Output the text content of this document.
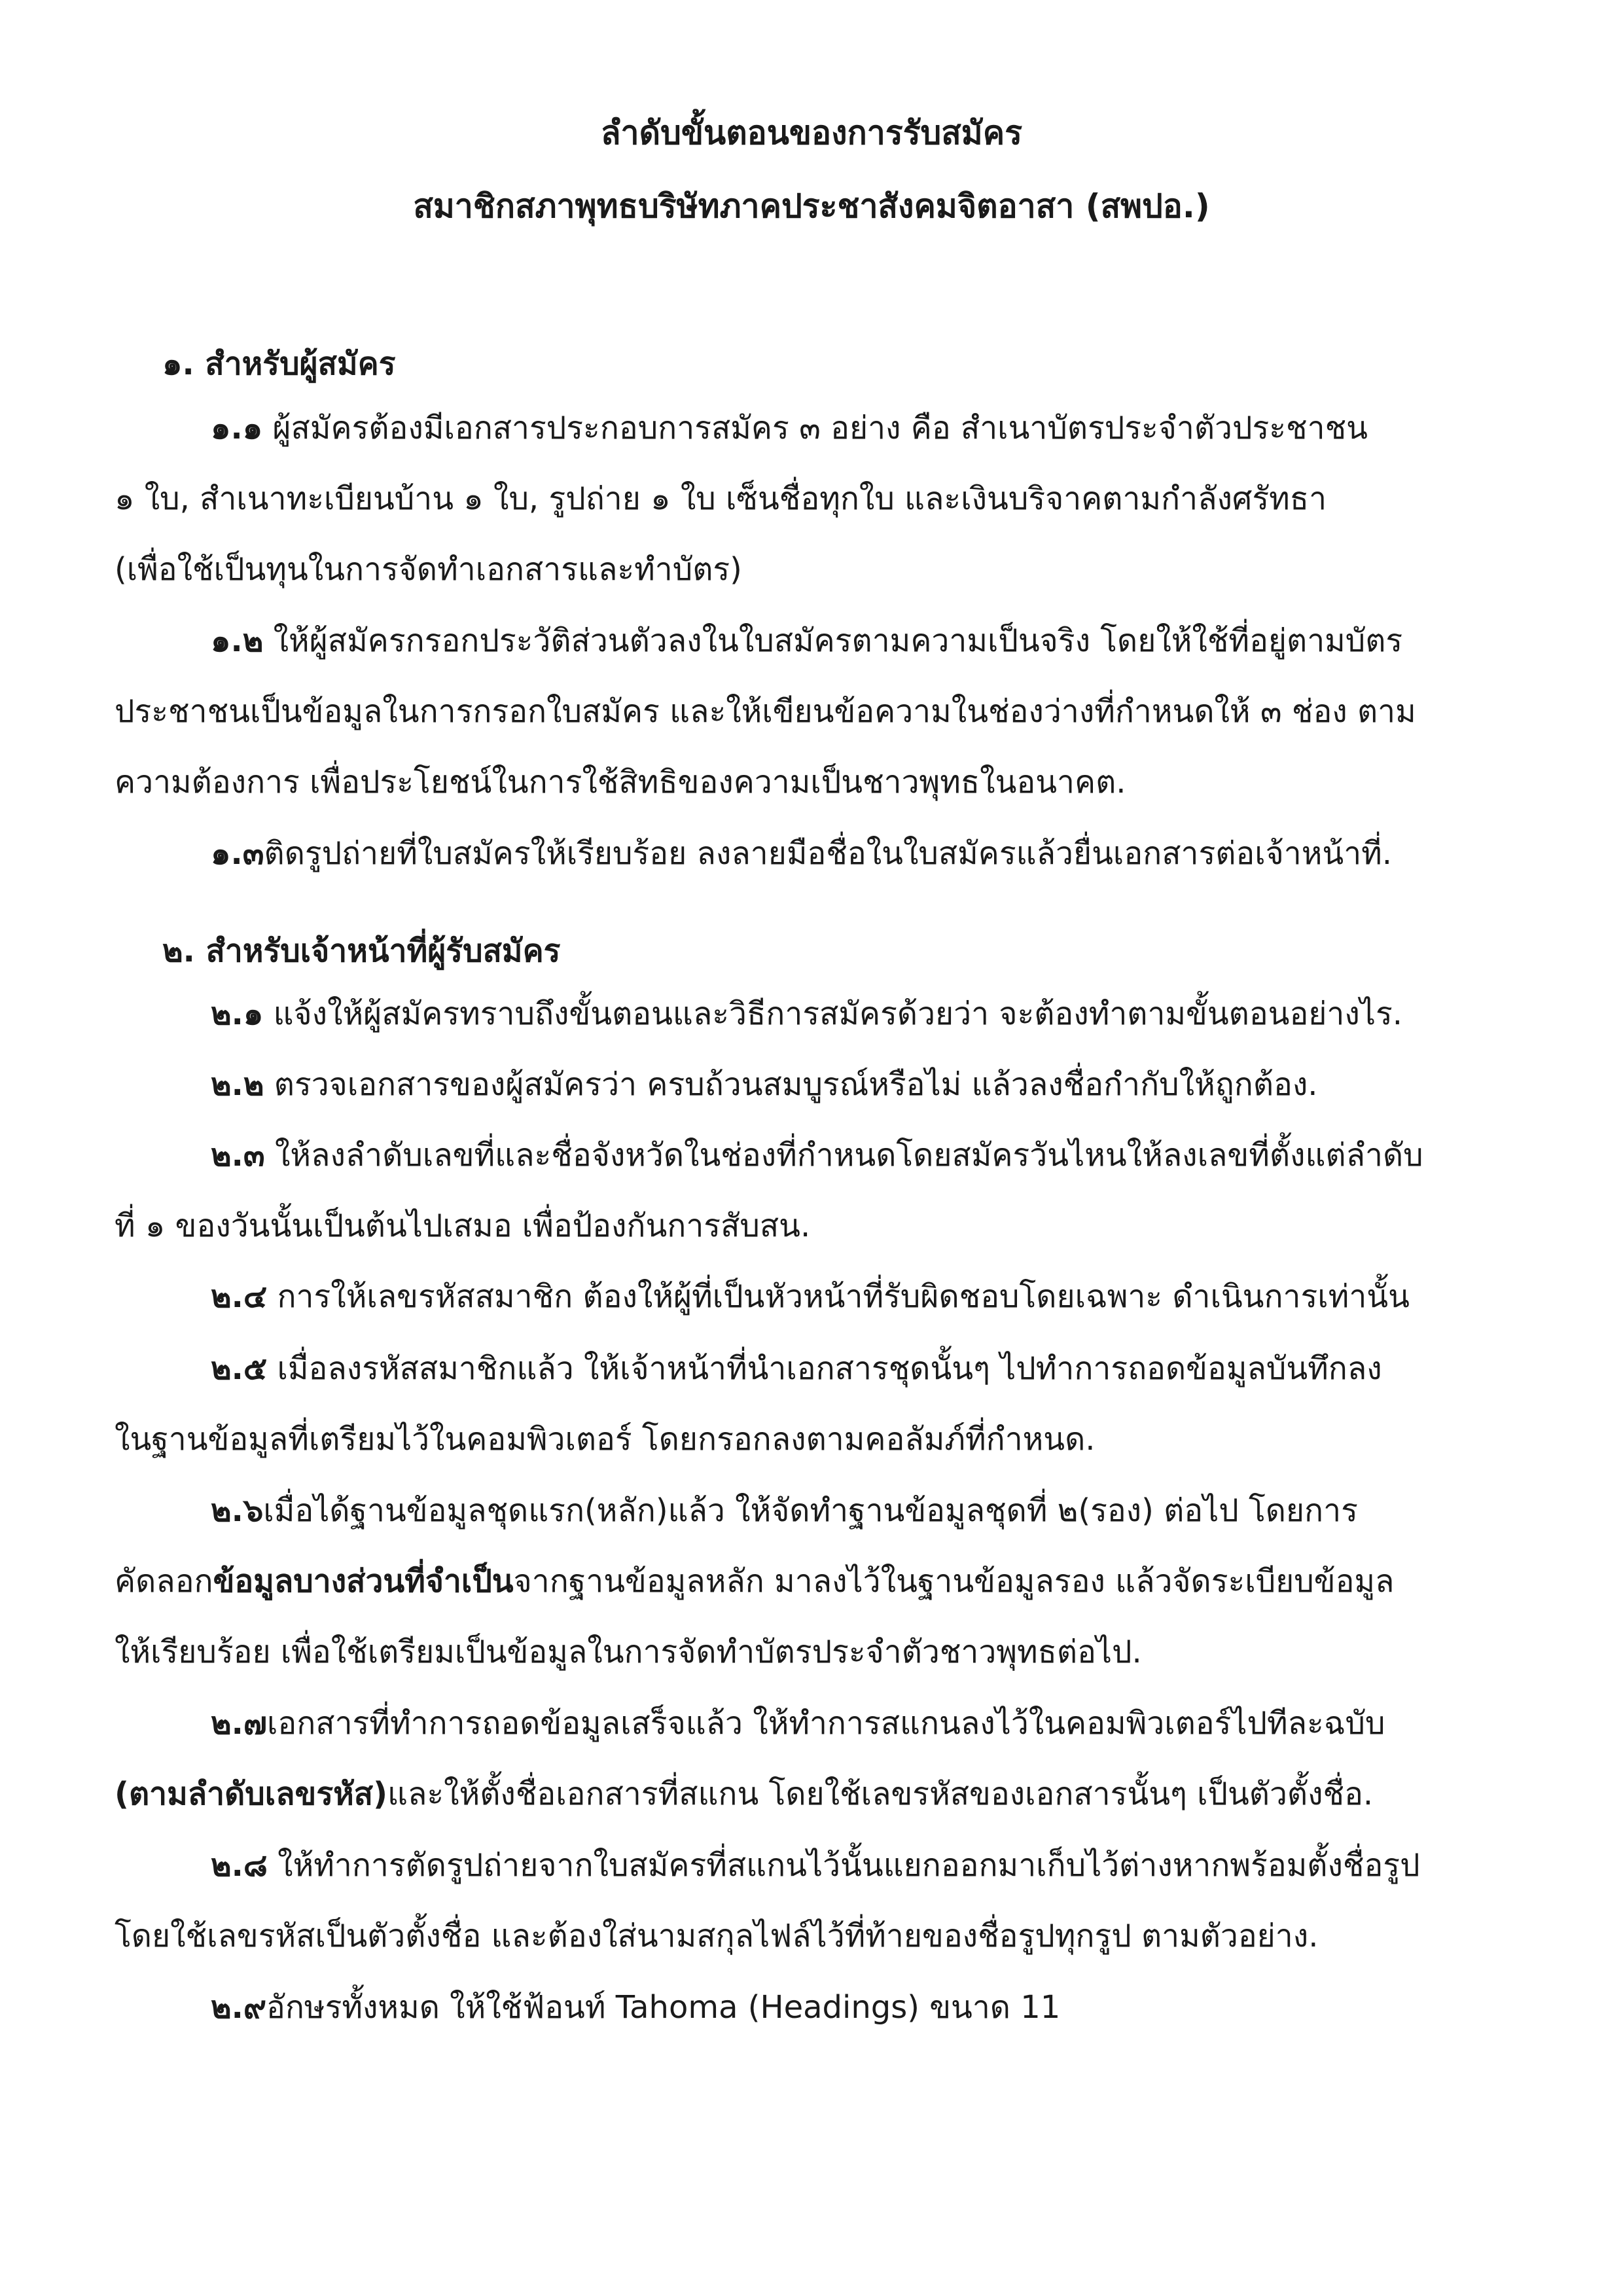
ลำดับขั้นตอนของการรับสมัคร
สมาชิกสภาพุทธบริษัทภาคประชาสังคมจิตอาสา (สพปอ.)
๑. สำหรับผู้สมัคร
๑.๑ ผู้สมัครต้องมีเอกสารประกอบการสมัคร ๓ อย่าง คือ สำเนาบัตรประจำตัวประชาชน
๑ ใบ, สำเนาทะเบียนบ้าน ๑ ใบ, รูปถ่าย ๑ ใบ เซ็นชื่อทุกใบ และเงินบริจาคตามกำลังศรัทธา
(เพื่อใช้เป็นทุนในการจัดทำเอกสารและทำบัตร)
๑.๒ ให้ผู้สมัครกรอกประวัติส่วนตัวลงในใบสมัครตามความเป็นจริง โดยให้ใช้ที่อยู่ตามบัตร
ประชาชนเป็นข้อมูลในการกรอกใบสมัคร และให้เขียนข้อความในช่องว่างที่กำหนดให้ ๓ ช่อง ตาม
ความต้องการ เพื่อประโยชน์ในการใช้สิทธิของความเป็นชาวพุทธในอนาคต.
๑.๓ติดรูปถ่ายที่ใบสมัครให้เรียบร้อย ลงลายมือชื่อในใบสมัครแล้วยื่นเอกสารต่อเจ้าหน้าที่.
๒. สำหรับเจ้าหน้าที่ผู้รับสมัคร
๒.๑ แจ้งให้ผู้สมัครทราบถึงขั้นตอนและวิธีการสมัครด้วยว่า จะต้องทำตามขั้นตอนอย่างไร.
๒.๒ ตรวจเอกสารของผู้สมัครว่า ครบถ้วนสมบูรณ์หรือไม่ แล้วลงชื่อกำกับให้ถูกต้อง.
๒.๓ ให้ลงลำดับเลขที่และชื่อจังหวัดในช่องที่กำหนดโดยสมัครวันไหนให้ลงเลขที่ตั้งแต่ลำดับ
ที่ ๑ ของวันนั้นเป็นต้นไปเสมอ เพื่อป้องกันการสับสน.
๒.๔ การให้เลขรหัสสมาชิก ต้องให้ผู้ที่เป็นหัวหน้าที่รับผิดชอบโดยเฉพาะ ดำเนินการเท่านั้น
๒.๕ เมื่อลงรหัสสมาชิกแล้ว ให้เจ้าหน้าที่นำเอกสารชุดนั้นๆ ไปทำการถอดข้อมูลบันทึกลง
ในฐานข้อมูลที่เตรียมไว้ในคอมพิวเตอร์ โดยกรอกลงตามคอลัมภ์ที่กำหนด.
๒.๖เมื่อได้ฐานข้อมูลชุดแรก(หลัก)แล้ว ให้จัดทำฐานข้อมูลชุดที่ ๒(รอง) ต่อไป โดยการ
คัดลอกข้อมูลบางส่วนที่จำเป็นจากฐานข้อมูลหลัก มาลงไว้ในฐานข้อมูลรอง แล้วจัดระเบียบข้อมูล
ให้เรียบร้อย เพื่อใช้เตรียมเป็นข้อมูลในการจัดทำบัตรประจำตัวชาวพุทธต่อไป.
๒.๗เอกสารที่ทำการถอดข้อมูลเสร็จแล้ว ให้ทำการสแกนลงไว้ในคอมพิวเตอร์ไปทีละฉบับ
(ตามลำดับเลขรหัส)และให้ตั้งชื่อเอกสารที่สแกน โดยใช้เลขรหัสของเอกสารนั้นๆ เป็นตัวตั้งชื่อ.
๒.๘ ให้ทำการตัดรูปถ่ายจากใบสมัครที่สแกนไว้นั้นแยกออกมาเก็บไว้ต่างหากพร้อมตั้งชื่อรูป
โดยใช้เลขรหัสเป็นตัวตั้งชื่อ และต้องใส่นามสกุลไฟล์ไว้ที่ท้ายของชื่อรูปทุกรูป ตามตัวอย่าง.
๒.๙อักษรทั้งหมด ให้ใช้ฟ้อนท์ Tahoma (Headings) ขนาด 11
